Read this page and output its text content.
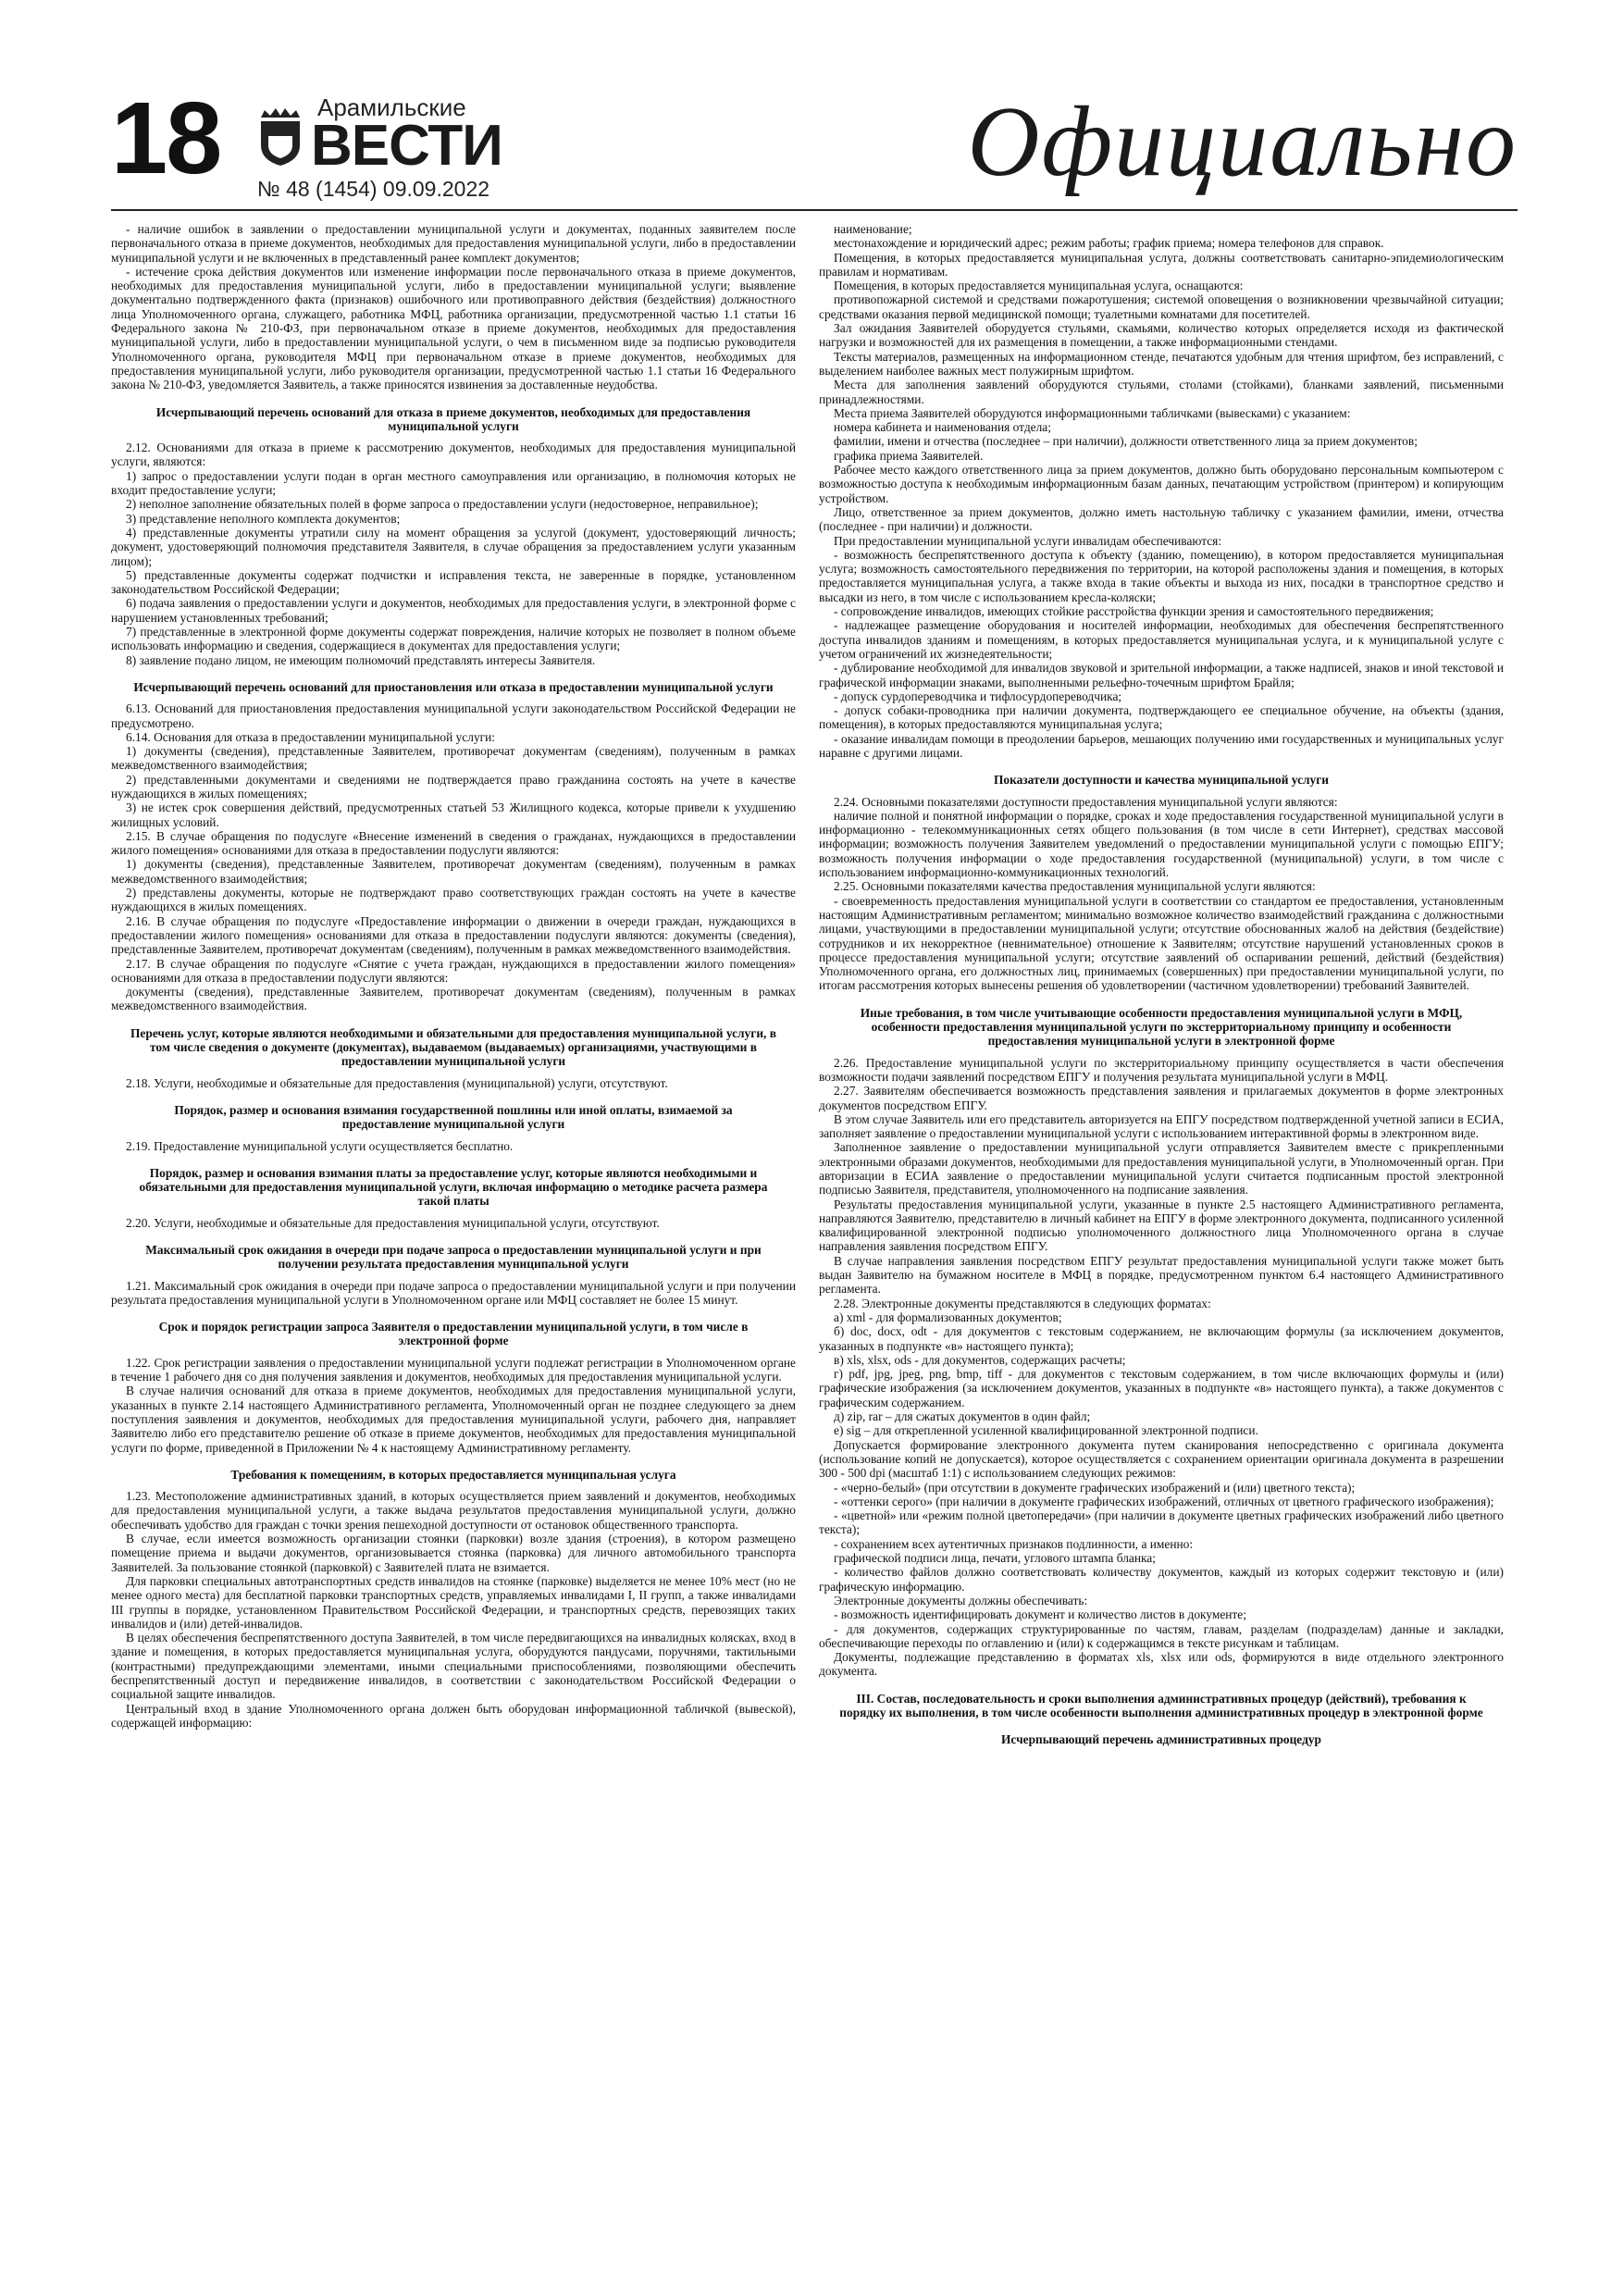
18	Арамильские
ВЕСТИ
№ 48 (1454) 09.09.2022	Официально

- наличие ошибок в заявлении о предоставлении муниципальной услуги и документах, поданных заявителем после первоначального отказа в приеме документов, необходимых для предоставления муниципальной услуги, либо в предоставлении муниципальной услуги и не включенных в представленный ранее комплект документов;

- истечение срока действия документов или изменение информации после первоначального отказа в приеме документов, необходимых для предоставления муниципальной услуги, либо в предоставлении муниципальной услуги; выявление документально подтвержденного факта (признаков) ошибочного или противоправного действия (бездействия) должностного лица Уполномоченного органа, служащего, работника МФЦ, работника организации, предусмотренной частью 1.1 статьи 16 Федерального закона № 210-ФЗ, при первоначальном отказе в приеме документов, необходимых для предоставления муниципальной услуги, либо в предоставлении муниципальной услуги, о чем в письменном виде за подписью руководителя Уполномоченного органа, руководителя МФЦ при первоначальном отказе в приеме документов, необходимых для предоставления муниципальной услуги, либо руководителя организации, предусмотренной частью 1.1 статьи 16 Федерального закона № 210-ФЗ, уведомляется Заявитель, а также приносятся извинения за доставленные неудобства.

Исчерпывающий перечень оснований для отказа в приеме документов, необходимых для предоставления муниципальной услуги

2.12. Основаниями для отказа в приеме к рассмотрению документов, необходимых для предоставления муниципальной услуги, являются:

1) запрос о предоставлении услуги подан в орган местного самоуправления или организацию, в полномочия которых не входит предоставление услуги;

2) неполное заполнение обязательных полей в форме запроса о предоставлении услуги (недостоверное, неправильное);

3) представление неполного комплекта документов;

4) представленные документы утратили силу на момент обращения за услугой (документ, удостоверяющий личность; документ, удостоверяющий полномочия представителя Заявителя, в случае обращения за предоставлением услуги указанным лицом);

5) представленные документы содержат подчистки и исправления текста, не заверенные в порядке, установленном законодательством Российской Федерации;

6) подача заявления о предоставлении услуги и документов, необходимых для предоставления услуги, в электронной форме с нарушением установленных требований;

7) представленные в электронной форме документы содержат повреждения, наличие которых не позволяет в полном объеме использовать информацию и сведения, содержащиеся в документах для предоставления услуги;

8) заявление подано лицом, не имеющим полномочий представлять интересы Заявителя.

Исчерпывающий перечень оснований для приостановления или отказа в предоставлении муниципальной услуги

6.13. Оснований для приостановления предоставления муниципальной услуги законодательством Российской Федерации не предусмотрено.

6.14. Основания для отказа в предоставлении муниципальной услуги:

1) документы (сведения), представленные Заявителем, противоречат документам (сведениям), полученным в рамках межведомственного взаимодействия;

2) представленными документами и сведениями не подтверждается право гражданина состоять на учете в качестве нуждающихся в жилых помещениях;

3) не истек срок совершения действий, предусмотренных статьей 53 Жилищного кодекса, которые привели к ухудшению жилищных условий.

2.15. В случае обращения по подуслуге «Внесение изменений в сведения о гражданах, нуждающихся в предоставлении жилого помещения» основаниями для отказа в предоставлении подуслуги являются:

1) документы (сведения), представленные Заявителем, противоречат документам (сведениям), полученным в рамках межведомственного взаимодействия;

2) представлены документы, которые не подтверждают право соответствующих граждан состоять на учете в качестве нуждающихся в жилых помещениях.

2.16. В случае обращения по подуслуге «Предоставление информации о движении в очереди граждан, нуждающихся в предоставлении жилого помещения» основаниями для отказа в предоставлении подуслуги являются: документы (сведения), представленные Заявителем, противоречат документам (сведениям), полученным в рамках межведомственного взаимодействия.

2.17. В случае обращения по подуслуге «Снятие с учета граждан, нуждающихся в предоставлении жилого помещения» основаниями для отказа в предоставлении подуслуги являются:

документы (сведения), представленные Заявителем, противоречат документам (сведениям), полученным в рамках межведомственного взаимодействия.

Перечень услуг, которые являются необходимыми и обязательными для предоставления муниципальной услуги, в том числе сведения о документе (документах), выдаваемом (выдаваемых) организациями, участвующими в предоставлении муниципальной услуги

2.18. Услуги, необходимые и обязательные для предоставления (муниципальной) услуги, отсутствуют.

Порядок, размер и основания взимания государственной пошлины или иной оплаты, взимаемой за предоставление муниципальной услуги

2.19. Предоставление муниципальной услуги осуществляется бесплатно.

Порядок, размер и основания взимания платы за предоставление услуг, которые являются необходимыми и обязательными для предоставления муниципальной услуги, включая информацию о методике расчета размера такой платы

2.20. Услуги, необходимые и обязательные для предоставления муниципальной услуги, отсутствуют.

Максимальный срок ожидания в очереди при подаче запроса о предоставлении муниципальной услуги и при получении результата предоставления муниципальной услуги

1.21. Максимальный срок ожидания в очереди при подаче запроса о предоставлении муниципальной услуги и при получении результата предоставления муниципальной услуги в Уполномоченном органе или МФЦ составляет не более 15 минут.

Срок и порядок регистрации запроса Заявителя о предоставлении муниципальной услуги, в том числе в электронной форме

1.22. Срок регистрации заявления о предоставлении муниципальной услуги подлежат регистрации в Уполномоченном органе в течение 1 рабочего дня со дня получения заявления и документов, необходимых для предоставления муниципальной услуги.

В случае наличия оснований для отказа в приеме документов, необходимых для предоставления муниципальной услуги, указанных в пункте 2.14 настоящего Административного регламента, Уполномоченный орган не позднее следующего за днем поступления заявления и документов, необходимых для предоставления муниципальной услуги, рабочего дня, направляет Заявителю либо его представителю решение об отказе в приеме документов, необходимых для предоставления муниципальной услуги по форме, приведенной в Приложении № 4 к настоящему Административному регламенту.

Требования к помещениям, в которых предоставляется муниципальная услуга

1.23. Местоположение административных зданий, в которых осуществляется прием заявлений и документов, необходимых для предоставления муниципальной услуги, а также выдача результатов предоставления муниципальной услуги, должно обеспечивать удобство для граждан с точки зрения пешеходной доступности от остановок общественного транспорта.

В случае, если имеется возможность организации стоянки (парковки) возле здания (строения), в котором размещено помещение приема и выдачи документов, организовывается стоянка (парковка) для личного автомобильного транспорта Заявителей. За пользование стоянкой (парковкой) с Заявителей плата не взимается.

Для парковки специальных автотранспортных средств инвалидов на стоянке (парковке) выделяется не менее 10% мест (но не менее одного места) для бесплатной парковки транспортных средств, управляемых инвалидами I, II групп, а также инвалидами III группы в порядке, установленном Правительством Российской Федерации, и транспортных средств, перевозящих таких инвалидов и (или) детей-инвалидов.

В целях обеспечения беспрепятственного доступа Заявителей, в том числе передвигающихся на инвалидных колясках, вход в здание и помещения, в которых предоставляется муниципальная услуга, оборудуются пандусами, поручнями, тактильными (контрастными) предупреждающими элементами, иными специальными приспособлениями, позволяющими обеспечить беспрепятственный доступ и передвижение инвалидов, в соответствии с законодательством Российской Федерации о социальной защите инвалидов.

Центральный вход в здание Уполномоченного органа должен быть оборудован информационной табличкой (вывеской), содержащей информацию:

наименование;

местонахождение и юридический адрес; режим работы; график приема; номера телефонов для справок.

Помещения, в которых предоставляется муниципальная услуга, должны соответствовать санитарно-эпидемиологическим правилам и нормативам.

Помещения, в которых предоставляется муниципальная услуга, оснащаются:

противопожарной системой и средствами пожаротушения; системой оповещения о возникновении чрезвычайной ситуации; средствами оказания первой медицинской помощи; туалетными комнатами для посетителей.

Зал ожидания Заявителей оборудуется стульями, скамьями, количество которых определяется исходя из фактической нагрузки и возможностей для их размещения в помещении, а также информационными стендами.

Тексты материалов, размещенных на информационном стенде, печатаются удобным для чтения шрифтом, без исправлений, с выделением наиболее важных мест полужирным шрифтом.

Места для заполнения заявлений оборудуются стульями, столами (стойками), бланками заявлений, письменными принадлежностями.

Места приема Заявителей оборудуются информационными табличками (вывесками) с указанием:

номера кабинета и наименования отдела;

фамилии, имени и отчества (последнее – при наличии), должности ответственного лица за прием документов;

графика приема Заявителей.

Рабочее место каждого ответственного лица за прием документов, должно быть оборудовано персональным компьютером с возможностью доступа к необходимым информационным базам данных, печатающим устройством (принтером) и копирующим устройством.

Лицо, ответственное за прием документов, должно иметь настольную табличку с указанием фамилии, имени, отчества (последнее - при наличии) и должности.

При предоставлении муниципальной услуги инвалидам обеспечиваются:

- возможность беспрепятственного доступа к объекту (зданию, помещению), в котором предоставляется муниципальная услуга; возможность самостоятельного передвижения по территории, на которой расположены здания и помещения, в которых предоставляется муниципальная услуга, а также входа в такие объекты и выхода из них, посадки в транспортное средство и высадки из него, в том числе с использованием кресла-коляски;

- сопровождение инвалидов, имеющих стойкие расстройства функции зрения и самостоятельного передвижения;

- надлежащее размещение оборудования и носителей информации, необходимых для обеспечения беспрепятственного доступа инвалидов зданиям и помещениям, в которых предоставляется муниципальная услуга, и к муниципальной услуге с учетом ограничений их жизнедеятельности;

- дублирование необходимой для инвалидов звуковой и зрительной информации, а также надписей, знаков и иной текстовой и графической информации знаками, выполненными рельефно-точечным шрифтом Брайля;

- допуск сурдопереводчика и тифлосурдопереводчика;

- допуск собаки-проводника при наличии документа, подтверждающего ее специальное обучение, на объекты (здания, помещения), в которых предоставляются муниципальная услуга;

- оказание инвалидам помощи в преодолении барьеров, мешающих получению ими государственных и муниципальных услуг наравне с другими лицами.

Показатели доступности и качества муниципальной услуги

2.24. Основными показателями доступности предоставления муниципальной услуги являются:

наличие полной и понятной информации о порядке, сроках и ходе предоставления государственной муниципальной услуги в информационно - телекоммуникационных сетях общего пользования (в том числе в сети Интернет), средствах массовой информации; возможность получения Заявителем уведомлений о предоставлении муниципальной услуги с помощью ЕПГУ; возможность получения информации о ходе предоставления государственной (муниципальной) услуги, в том числе с использованием информационно-коммуникационных технологий.

2.25. Основными показателями качества предоставления муниципальной услуги являются:

- своевременность предоставления муниципальной услуги в соответствии со стандартом ее предоставления, установленным настоящим Административным регламентом; минимально возможное количество взаимодействий гражданина с должностными лицами, участвующими в предоставлении муниципальной услуги; отсутствие обоснованных жалоб на действия (бездействие) сотрудников и их некорректное (невнимательное) отношение к Заявителям; отсутствие нарушений установленных сроков в процессе предоставления муниципальной услуги; отсутствие заявлений об оспаривании решений, действий (бездействия) Уполномоченного органа, его должностных лиц, принимаемых (совершенных) при предоставлении муниципальной услуги, по итогам рассмотрения которых вынесены решения об удовлетворении (частичном удовлетворении) требований Заявителей.

Иные требования, в том числе учитывающие особенности предоставления муниципальной услуги в МФЦ, особенности предоставления муниципальной услуги по экстерриториальному принципу и особенности предоставления муниципальной услуги в электронной форме

2.26. Предоставление муниципальной услуги по экстерриториальному принципу осуществляется в части обеспечения возможности подачи заявлений посредством ЕПГУ и получения результата муниципальной услуги в МФЦ.

2.27. Заявителям обеспечивается возможность представления заявления и прилагаемых документов в форме электронных документов посредством ЕПГУ.

В этом случае Заявитель или его представитель авторизуется на ЕПГУ посредством подтвержденной учетной записи в ЕСИА, заполняет заявление о предоставлении муниципальной услуги с использованием интерактивной формы в электронном виде.

Заполненное заявление о предоставлении муниципальной услуги отправляется Заявителем вместе с прикрепленными электронными образами документов, необходимыми для предоставления муниципальной услуги, в Уполномоченный орган. При авторизации в ЕСИА заявление о предоставлении муниципальной услуги считается подписанным простой электронной подписью Заявителя, представителя, уполномоченного на подписание заявления.

Результаты предоставления муниципальной услуги, указанные в пункте 2.5 настоящего Административного регламента, направляются Заявителю, представителю в личный кабинет на ЕПГУ в форме электронного документа, подписанного усиленной квалифицированной электронной подписью уполномоченного должностного лица Уполномоченного органа в случае направления заявления посредством ЕПГУ.

В случае направления заявления посредством ЕПГУ результат предоставления муниципальной услуги также может быть выдан Заявителю на бумажном носителе в МФЦ в порядке, предусмотренном пунктом 6.4 настоящего Административного регламента.

2.28. Электронные документы представляются в следующих форматах:

а) xml - для формализованных документов;

б) doc, docx, odt - для документов с текстовым содержанием, не включающим формулы (за исключением документов, указанных в подпункте «в» настоящего пункта);

в) xls, xlsx, ods - для документов, содержащих расчеты;

г) pdf, jpg, jpeg, png, bmp, tiff - для документов с текстовым содержанием, в том числе включающих формулы и (или) графические изображения (за исключением документов, указанных в подпункте «в» настоящего пункта), а также документов с графическим содержанием.

д) zip, rar – для сжатых документов в один файл;

е) sig – для открепленной усиленной квалифицированной электронной подписи.

Допускается формирование электронного документа путем сканирования непосредственно с оригинала документа (использование копий не допускается), которое осуществляется с сохранением ориентации оригинала документа в разрешении 300 - 500 dpi (масштаб 1:1) с использованием следующих режимов:

- «черно-белый» (при отсутствии в документе графических изображений и (или) цветного текста);

- «оттенки серого» (при наличии в документе графических изображений, отличных от цветного графического изображения);

- «цветной» или «режим полной цветопередачи» (при наличии в документе цветных графических изображений либо цветного текста);

- сохранением всех аутентичных признаков подлинности, а именно:

графической подписи лица, печати, углового штампа бланка;

- количество файлов должно соответствовать количеству документов, каждый из которых содержит текстовую и (или) графическую информацию.

Электронные документы должны обеспечивать:

- возможность идентифицировать документ и количество листов в документе;

- для документов, содержащих структурированные по частям, главам, разделам (подразделам) данные и закладки, обеспечивающие переходы по оглавлению и (или) к содержащимся в тексте рисункам и таблицам.

Документы, подлежащие представлению в форматах xls, xlsx или ods, формируются в виде отдельного электронного документа.

III. Состав, последовательность и сроки выполнения административных процедур (действий), требования к порядку их выполнения, в том числе особенности выполнения административных процедур в электронной форме
Исчерпывающий перечень административных процедур
